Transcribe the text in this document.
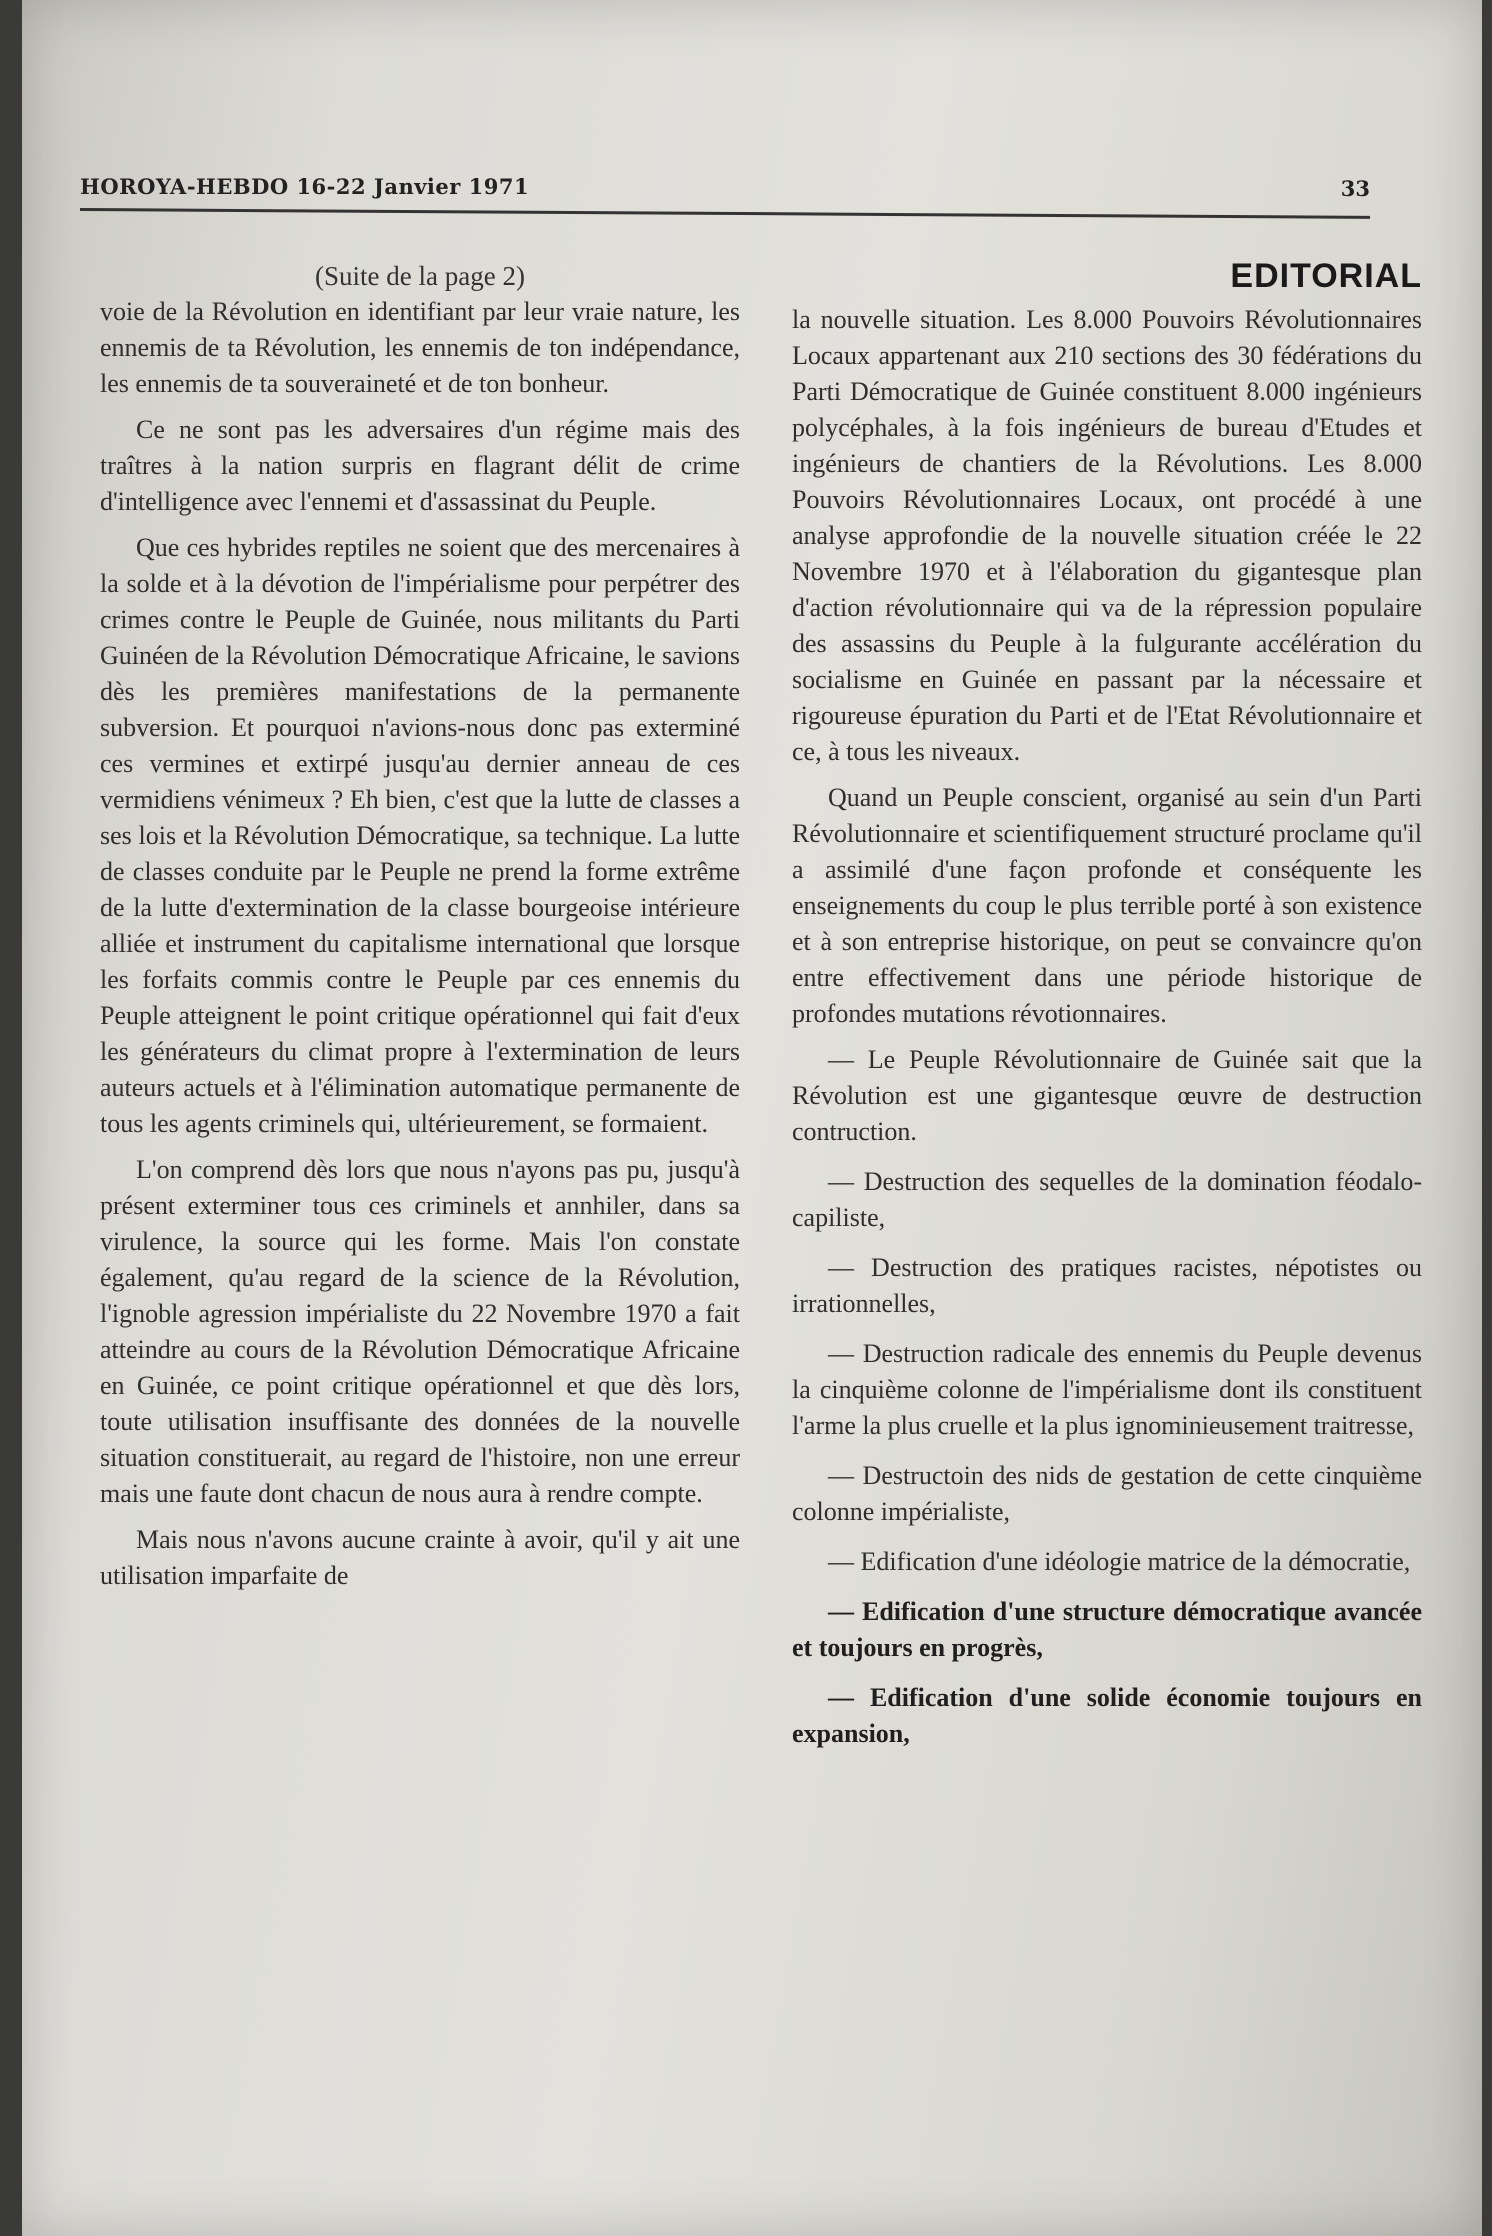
HOROYA-HEBDO 16-22 Janvier 1971	33
(Suite de la page 2)

voie de la Révolution en identifiant par leur vraie nature, les ennemis de ta Révolution, les ennemis de ton indépendance, les ennemis de ta souveraineté et de ton bonheur.

Ce ne sont pas les adversaires d'un régime mais des traîtres à la nation surpris en flagrant délit de crime d'intelligence avec l'ennemi et d'assassinat du Peuple.

Que ces hybrides reptiles ne soient que des mercenaires à la solde et à la dévotion de l'impérialisme pour perpétrer des crimes contre le Peuple de Guinée, nous militants du Parti Guinéen de la Révolution Démocratique Africaine, le savions dès les premières manifestations de la permanente subversion. Et pourquoi n'avions-nous donc pas exterminé ces vermines et extirpé jusqu'au dernier anneau de ces vermidiens vénimeux ? Eh bien, c'est que la lutte de classes a ses lois et la Révolution Démocratique, sa technique. La lutte de classes conduite par le Peuple ne prend la forme extrême de la lutte d'extermination de la classe bourgeoise intérieure alliée et instrument du capitalisme international que lorsque les forfaits commis contre le Peuple par ces ennemis du Peuple atteignent le point critique opérationnel qui fait d'eux les générateurs du climat propre à l'extermination de leurs auteurs actuels et à l'élimination automatique permanente de tous les agents criminels qui, ultérieurement, se formaient.

L'on comprend dès lors que nous n'ayons pas pu, jusqu'à présent exterminer tous ces criminels et annhiler, dans sa virulence, la source qui les forme. Mais l'on constate également, qu'au regard de la science de la Révolution, l'ignoble agression impérialiste du 22 Novembre 1970 a fait atteindre au cours de la Révolution Démocratique Africaine en Guinée, ce point critique opérationnel et que dès lors, toute utilisation insuffisante des données de la nouvelle situation constituerait, au regard de l'histoire, non une erreur mais une faute dont chacun de nous aura à rendre compte.

Mais nous n'avons aucune crainte à avoir, qu'il y ait une utilisation imparfaite de

EDITORIAL

la nouvelle situation. Les 8.000 Pouvoirs Révolutionnaires Locaux appartenant aux 210 sections des 30 fédérations du Parti Démocratique de Guinée constituent 8.000 ingénieurs polycéphales, à la fois ingénieurs de bureau d'Etudes et ingénieurs de chantiers de la Révolutions. Les 8.000 Pouvoirs Révolutionnaires Locaux, ont procédé à une analyse approfondie de la nouvelle situation créée le 22 Novembre 1970 et à l'élaboration du gigantesque plan d'action révolutionnaire qui va de la répression populaire des assassins du Peuple à la fulgurante accélération du socialisme en Guinée en passant par la nécessaire et rigoureuse épuration du Parti et de l'Etat Révolutionnaire et ce, à tous les niveaux.

Quand un Peuple conscient, organisé au sein d'un Parti Révolutionnaire et scientifiquement structuré proclame qu'il a assimilé d'une façon profonde et conséquente les enseignements du coup le plus terrible porté à son existence et à son entreprise historique, on peut se convaincre qu'on entre effectivement dans une période historique de profondes mutations révotionnaires.

— Le Peuple Révolutionnaire de Guinée sait que la Révolution est une gigantesque œuvre de destruction contruction.

— Destruction des sequelles de la domination féodalo-capiliste,

— Destruction des pratiques racistes, népotistes ou irrationnelles,

— Destruction radicale des ennemis du Peuple devenus la cinquième colonne de l'impérialisme dont ils constituent l'arme la plus cruelle et la plus ignominieusement traitresse,

— Destructoin des nids de gestation de cette cinquième colonne impérialiste,

— Edification d'une idéologie matrice de la démocratie,

— Edification d'une structure démocratique avancée et toujours en progrès,

— Edification d'une solide économie toujours en expansion,
